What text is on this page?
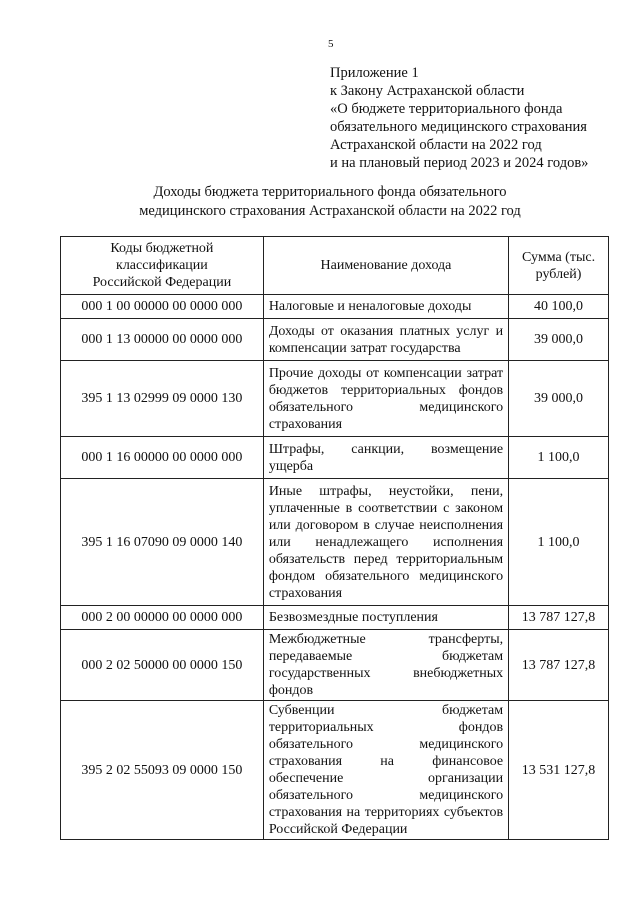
5
Приложение 1
к Закону Астраханской области
«О бюджете территориального фонда
обязательного медицинского страхования
Астраханской области на 2022 год
и на плановый период 2023 и 2024 годов»
Доходы бюджета территориального фонда обязательного
медицинского страхования Астраханской области на 2022 год
Коды бюджетной классификации Российской Федерации	Наименование дохода	Сумма (тыс. рублей)
000 1 00 00000 00 0000 000	Налоговые и неналоговые доходы	40 100,0
000 1 13 00000 00 0000 000	Доходы от оказания платных услуг и компенсации затрат государства	39 000,0
395 1 13 02999 09 0000 130	Прочие доходы от компенсации затрат бюджетов территориальных фондов обязательного медицинского страхования	39 000,0
000 1 16 00000 00 0000 000	Штрафы, санкции, возмещение ущерба	1 100,0
395 1 16 07090 09 0000 140	Иные штрафы, неустойки, пени, уплаченные в соответствии с законом или договором в случае неисполнения или ненадлежащего исполнения обязательств перед территориальным фондом обязательного медицинского страхования	1 100,0
000 2 00 00000 00 0000 000	Безвозмездные поступления	13 787 127,8
000 2 02 50000 00 0000 150	Межбюджетные трансферты, передаваемые бюджетам государственных внебюджетных фондов	13 787 127,8
395 2 02 55093 09 0000 150	Субвенции бюджетам территориальных фондов обязательного медицинского страхования на финансовое обеспечение организации обязательного медицинского страхования на территориях субъектов Российской Федерации	13 531 127,8
